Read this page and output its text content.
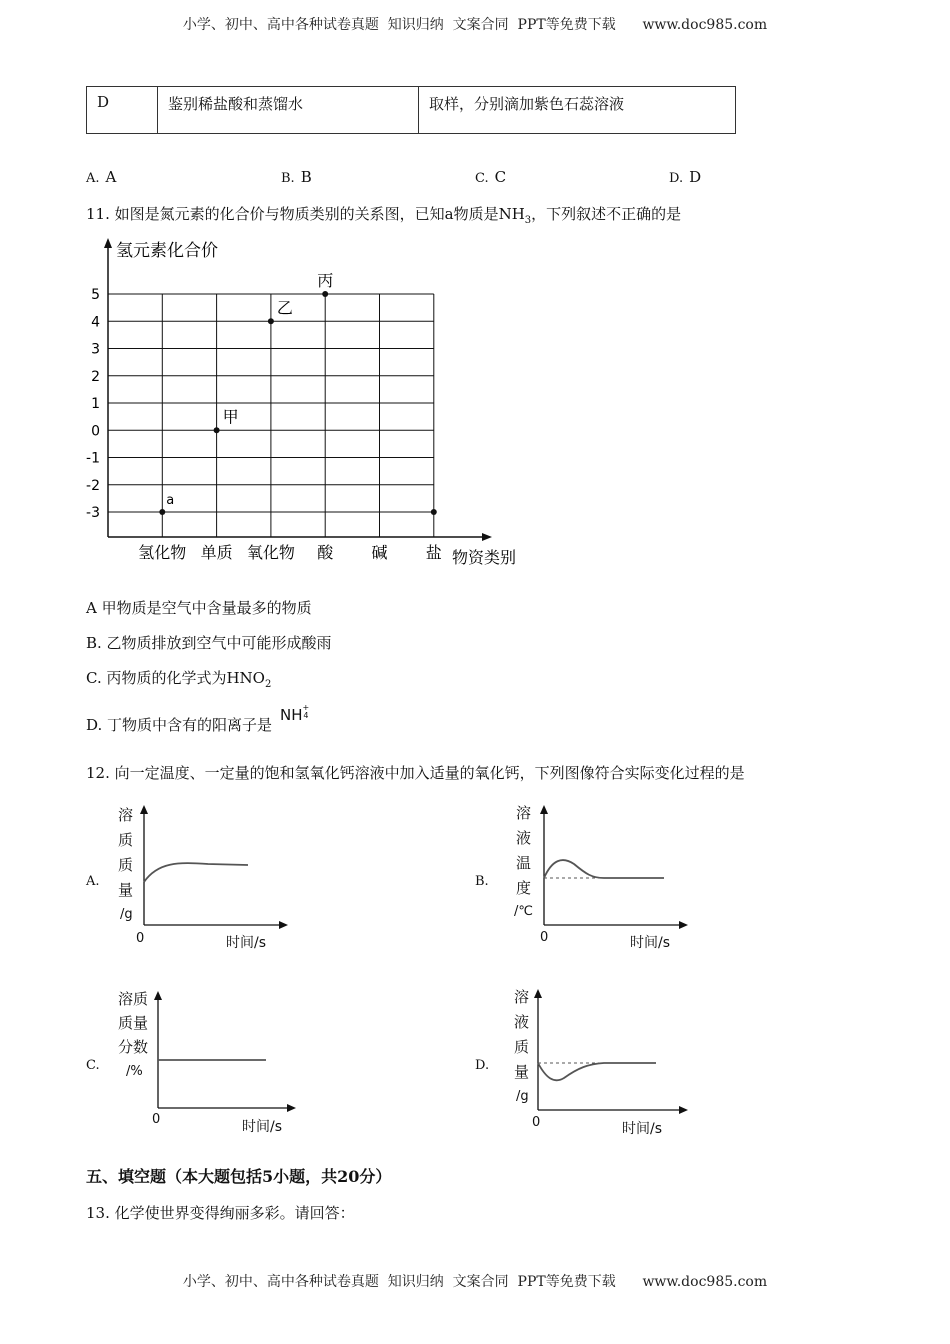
小学、初中、高中各种试卷真题  知识归纳  文案合同  PPT等免费下载      www.doc985.com
D	鉴别稀盐酸和蒸馏水	取样，分别滴加紫色石蕊溶液
A. A	B. B	C. C	D. D
11. 如图是氮元素的化合价与物质类别的关系图，已知a物质是$NH_3$，下列叙述不正确的是
氢元素化合价
物资类别
5
4
3
2
1
0
-1
-2
-3
氢化物 单质 氧化物 酸 碱 盐
a
甲
乙
丙
A 甲物质是空气中含量最多的物质
B. 乙物质排放到空气中可能形成酸雨
C. 丙物质的化学式为$HNO_2$
D. 丁物质中含有的阳离子是NH+
4
12. 向一定温度、一定量的饱和氢氧化钙溶液中加入适量的氧化钙，下列图像符合实际变化过程的是
A.
溶
质
质
量
/g
0	时间/s
B.
溶
液
温
度
/℃
0	时间/s
C.
溶质
质量
分数
/%
0	时间/s
D.
溶
液
质
量
/g
0	时间/s
五、填空题（本大题包括5小题，共20分）
13. 化学使世界变得绚丽多彩。请回答：
小学、初中、高中各种试卷真题  知识归纳  文案合同  PPT等免费下载      www.doc985.com
